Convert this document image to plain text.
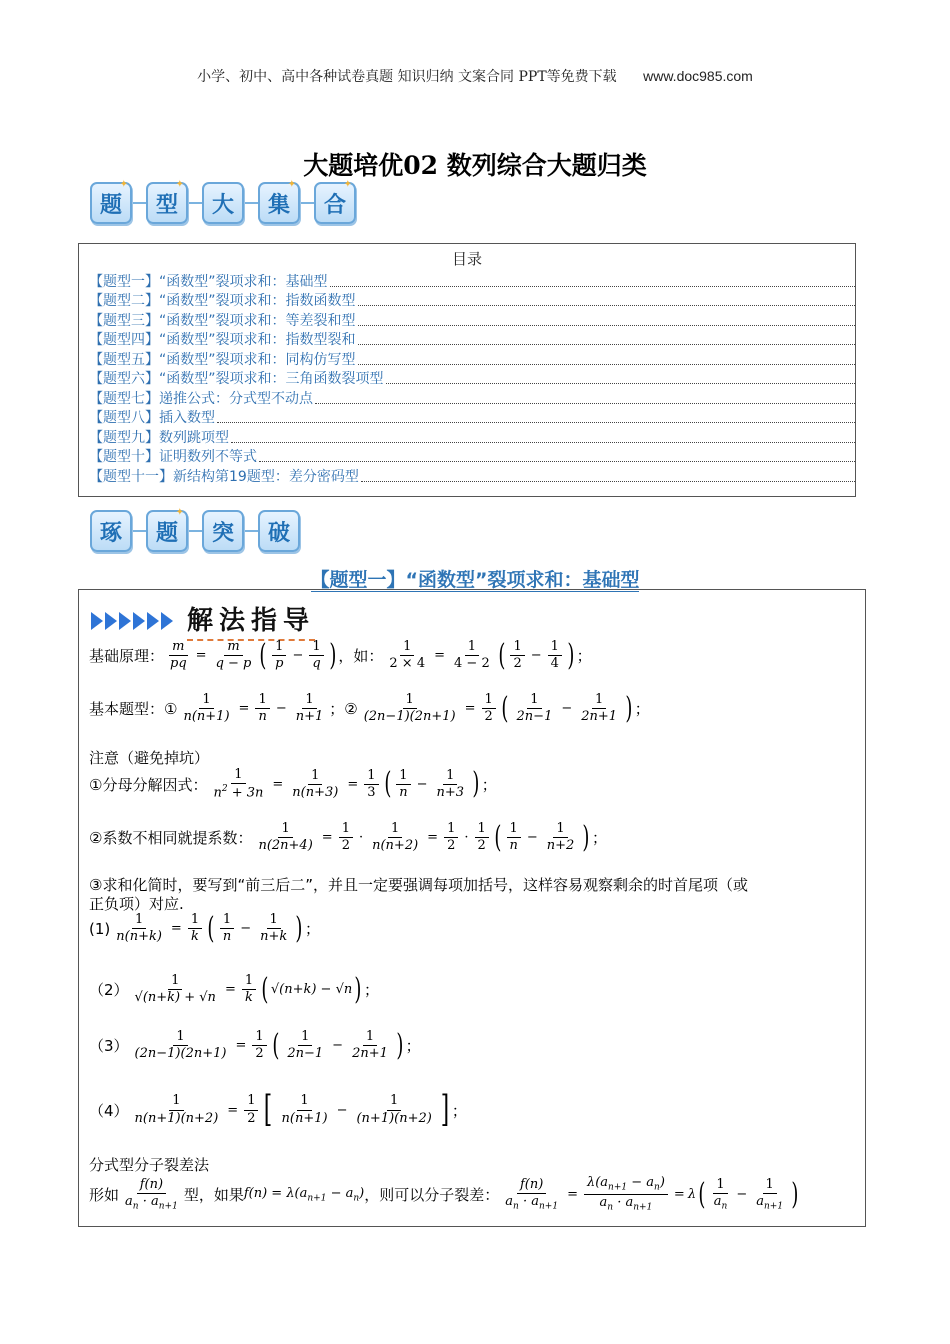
小学、初中、高中各种试卷真题 知识归纳 文案合同 PPT等免费下载 www.doc985.com
大题培优02 数列综合大题归类
✦
题
✦
型 大
✦
集
✦
合
目录
【题型一】“函数型”裂项求和：基础型
【题型二】“函数型”裂项求和：指数函数型
【题型三】“函数型”裂项求和：等差裂和型
【题型四】“函数型”裂项求和：指数型裂和
【题型五】“函数型”裂项求和：同构仿写型
【题型六】“函数型”裂项求和：三角函数裂项型
【题型七】递推公式：分式型不动点
【题型八】插入数型
【题型九】数列跳项型
【题型十】证明数列不等式
【题型十一】新结构第19题型：差分密码型
琢
✦
题 突 破
【题型一】“函数型”裂项求和：基础型
解法指导
基础原理： $\frac{m}{pq} = \frac{m}{q - p}$ ( $\frac{1}{p} - \frac{1}{q}$ ) ，如： $\frac{1}{2 \times 4} = \frac{1}{4 - 2}$ ( $\frac{1}{2} - \frac{1}{4}$ ) ；
基本题型： ① $\frac{1}{n(n+1)} = \frac{1}{n} - \frac{1}{n+1}$ ；② $\frac{1}{(2n-1)(2n+1)} = \frac{1}{2}$ ( $\frac{1}{2n-1} - \frac{1}{2n+1}$ ) ；
注意（避免掉坑）
①分母分解因式： $\frac{1}{n^2 + 3n} = \frac{1}{n(n+3)} = \frac{1}{3}$ ( $\frac{1}{n} - \frac{1}{n+3}$ ) ；
②系数不相同就提系数： $\frac{1}{n(2n+4)} = \frac{1}{2} \cdot \frac{1}{n(n+2)} = \frac{1}{2} \cdot \frac{1}{2}$ ( $\frac{1}{n} - \frac{1}{n+2}$ ) ；
③求和化简时，要写到“前三后二”，并且一定要强调每项加括号，这样容易观察剩余的时首尾项（或
正负项）对应.
$(1) \frac{1}{n(n+k)} = \frac{1}{k}$ ( $\frac{1}{n} - \frac{1}{n+k}$ ) ；
$(2) \frac{1}{√(n+k) + √n} = \frac{1}{k}$ ( √(n+k) − √n ) ；
$(3) \frac{1}{(2n-1)(2n+1)} = \frac{1}{2}$ ( $\frac{1}{2n-1} - \frac{1}{2n+1}$ ) ；
$(4) \frac{1}{n(n+1)(n+2)} = \frac{1}{2}$ [ $\frac{1}{n(n+1)} - \frac{1}{(n+1)(n+2)}$ ] ；
分式型分子裂差法
形如 $\frac{f(n)}{a_n \cdot a_{n+1}}$ 型，如果 $f(n) = \lambda(a_{n+1} - a_n)$ ，则可以分子裂差： $\frac{f(n)}{a_n \cdot a_{n+1}} = \frac{\lambda(a_{n+1} - a_n)}{a_n \cdot a_{n+1}} = \lambda$ ( $\frac{1}{a_n} - \frac{1}{a_{n+1}}$ )
